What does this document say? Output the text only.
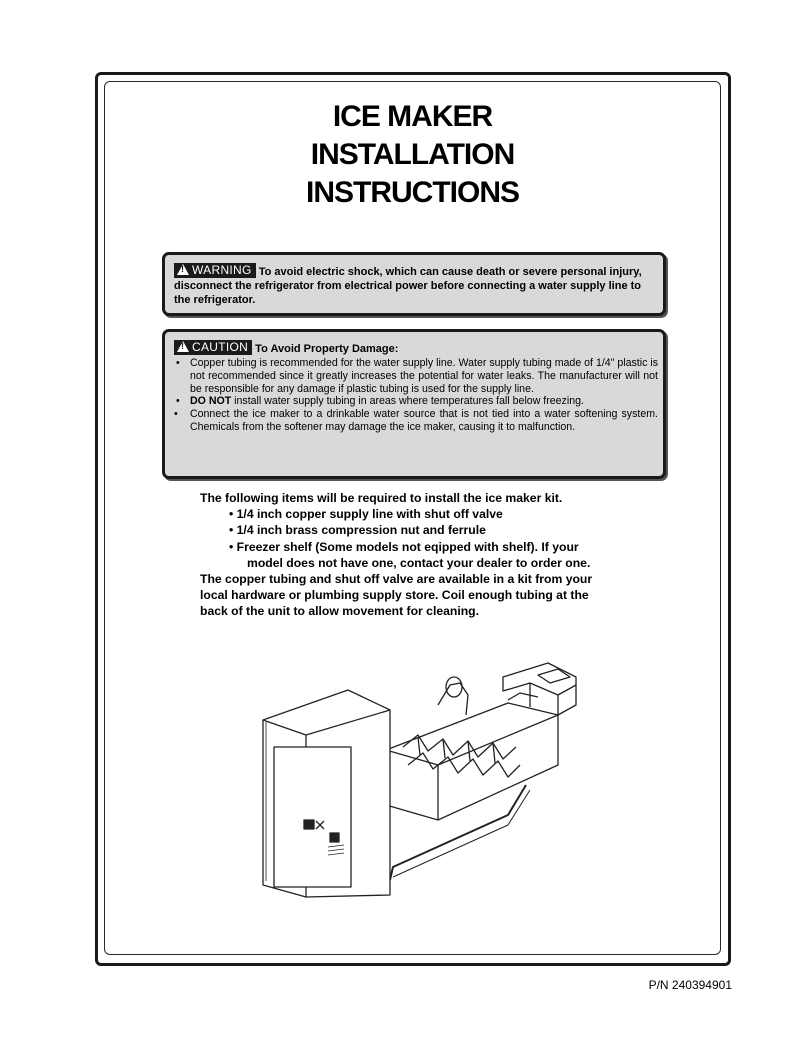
ICE MAKER
INSTALLATION
INSTRUCTIONS
!WARNING To avoid electric shock, which can cause death or severe personal injury, disconnect the refrigerator from electrical power before connecting a water supply line to the refrigerator.
!CAUTION To Avoid Property Damage:
• Copper tubing is recommended for the water supply line. Water supply tubing made of 1/4" plastic is not recommended since it greatly increases the potential for water leaks. The manufacturer will not be responsible for any damage if plastic tubing is used for the supply line.
• DO NOT install water supply tubing in areas where temperatures fall below freezing.
• Connect the ice maker to a drinkable water source that is not tied into a water softening system. Chemicals from the softener may damage the ice maker, causing it to malfunction.
The following items will be required to install the ice maker kit.
• 1/4 inch copper supply line with shut off valve
• 1/4 inch brass compression nut and ferrule
• Freezer shelf (Some models not eqipped with shelf). If your
model does not have one, contact your dealer to order one.
The copper tubing and shut off valve are available in a kit from your
local hardware or plumbing supply store. Coil enough tubing at the
back of the unit to allow movement for cleaning.
P/N 240394901
